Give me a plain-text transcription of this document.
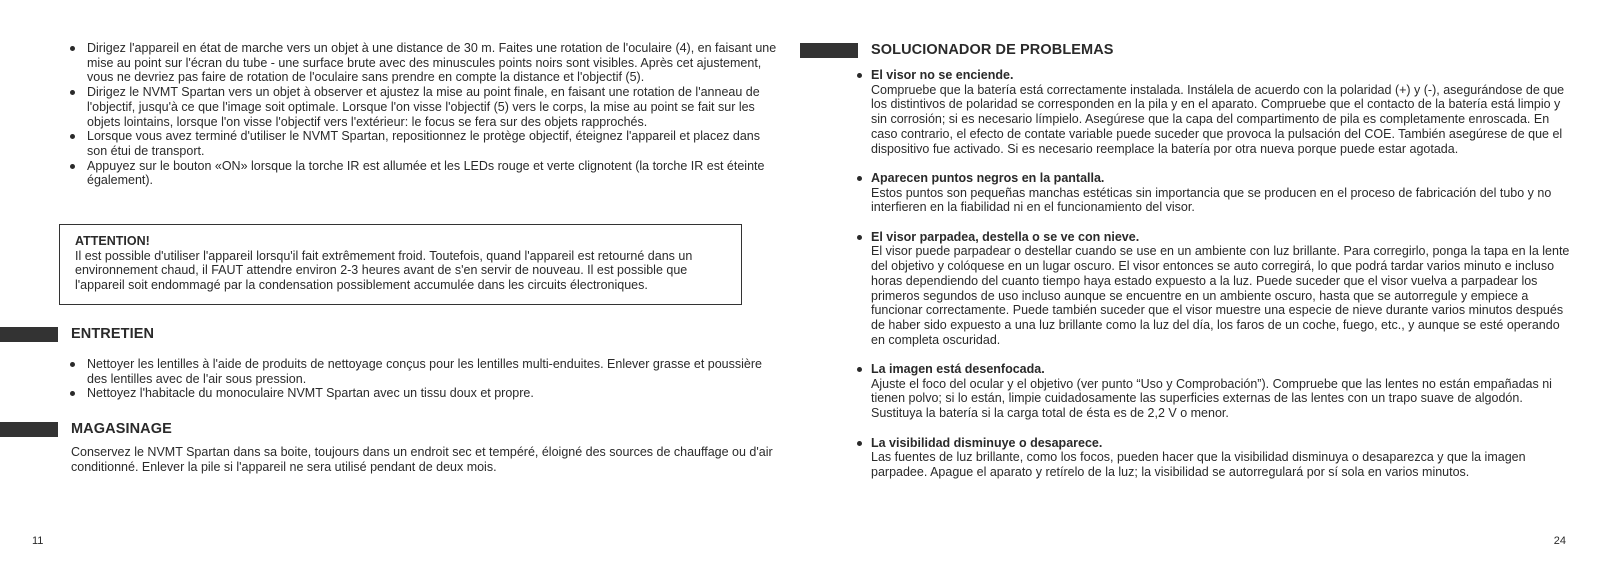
Dirigez l'appareil en état de marche vers un objet à une distance de 30 m. Faites une rotation de l'oculaire (4), en faisant une mise au point sur l'écran du tube - une surface brute avec des minuscules points noirs sont visibles. Après cet ajustement, vous ne devriez pas faire de rotation de l'oculaire sans prendre en compte la distance et l'objectif (5).
Dirigez le NVMT Spartan vers un objet à observer et ajustez la mise au point finale, en faisant une rotation de l'anneau de l'objectif, jusqu'à ce que l'image soit optimale. Lorsque l'on visse l'objectif (5) vers le corps, la mise au point se fait sur les objets lointains, lorsque l'on visse l'objectif vers l'extérieur: le focus se fera sur des objets rapprochés.
Lorsque vous avez terminé d'utiliser le NVMT Spartan, repositionnez le protège objectif, éteignez l'appareil et placez dans son étui de transport.
Appuyez sur le bouton «ON» lorsque la torche IR est allumée et les LEDs rouge et verte clignotent (la torche IR est éteinte également).
ATTENTION!
Il est possible d'utiliser l'appareil lorsqu'il fait extrêmement froid. Toutefois, quand l'appareil est retourné dans un environnement chaud, il FAUT attendre environ 2-3 heures avant de s'en servir de nouveau. Il est possible que l'appareil soit endommagé par la condensation possiblement accumulée dans les circuits électroniques.
ENTRETIEN
Nettoyer les lentilles à l'aide de produits de nettoyage conçus pour les lentilles multi-enduites. Enlever grasse et poussière des lentilles avec de l'air sous pression.
Nettoyez l'habitacle du monoculaire NVMT Spartan avec un tissu doux et propre.
MAGASINAGE
Conservez le NVMT Spartan dans sa boite, toujours dans un endroit sec et tempéré, éloigné des sources de chauffage ou d'air conditionné. Enlever la pile si l'appareil ne sera utilisé pendant de deux mois.
11
SOLUCIONADOR DE PROBLEMAS
El visor no se enciende.
Compruebe que la batería está correctamente instalada. Instálela de acuerdo con la polaridad (+) y (-), asegurándose de que los distintivos de polaridad se corresponden en la pila y en el aparato. Compruebe que el contacto de la batería está limpio y sin corrosión; si es necesario límpielo. Asegúrese que la capa del compartimento de pila es completamente enroscada. En caso contrario, el efecto de contate variable puede suceder que provoca la pulsación del COE. También asegúrese de que el dispositivo fue activado. Si es necesario reemplace la batería por otra nueva porque puede estar agotada.
Aparecen puntos negros en la pantalla.
Estos puntos son pequeñas manchas estéticas sin importancia que se producen en el proceso de fabricación del tubo y no interfieren en la fiabilidad ni en el funcionamiento del visor.
El visor parpadea, destella o se ve con nieve.
El visor puede parpadear o destellar cuando se use en un ambiente con luz brillante. Para corregirlo, ponga la tapa en la lente del objetivo y colóquese en un lugar oscuro. El visor entonces se auto corregirá, lo que podrá tardar varios minuto e incluso horas dependiendo del cuanto tiempo haya estado expuesto a la luz. Puede suceder que el visor vuelva a parpadear los primeros segundos de uso incluso aunque se encuentre en un ambiente oscuro, hasta que se autorregule y empiece a funcionar correctamente. Puede también suceder que el visor muestre una especie de nieve durante varios minutos después de haber sido expuesto a una luz brillante como la luz del día, los faros de un coche, fuego, etc., y aunque se esté operando en completa oscuridad.
La imagen está desenfocada.
Ajuste el foco del ocular y el objetivo (ver punto “Uso y Comprobación”). Compruebe que las lentes no están empañadas ni tienen polvo; si lo están, limpie cuidadosamente las superficies externas de las lentes con un trapo suave de algodón. Sustituya la batería si la carga total de ésta es de 2,2 V o menor.
La visibilidad disminuye o desaparece.
Las fuentes de luz brillante, como los focos, pueden hacer que la visibilidad disminuya o desaparezca y que la imagen parpadee. Apague el aparato y retírelo de la luz; la visibilidad se autorregulará por sí sola en varios minutos.
24
